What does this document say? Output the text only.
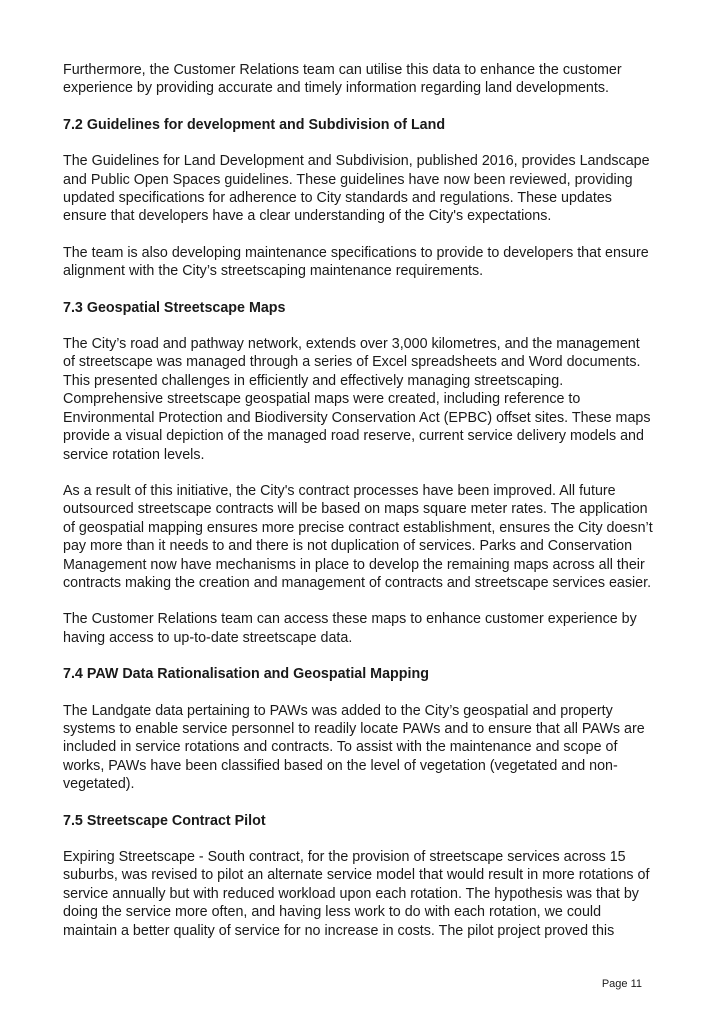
Furthermore, the Customer Relations team can utilise this data to enhance the customer experience by providing accurate and timely information regarding land developments.

7.2 Guidelines for development and Subdivision of Land

The Guidelines for Land Development and Subdivision, published 2016, provides Landscape and Public Open Spaces guidelines. These guidelines have now been reviewed, providing updated specifications for adherence to City standards and regulations. These updates ensure that developers have a clear understanding of the City's expectations.

The team is also developing maintenance specifications to provide to developers that ensure alignment with the City’s streetscaping maintenance requirements.

7.3 Geospatial Streetscape Maps

The City’s road and pathway network, extends over 3,000 kilometres, and the management of streetscape was managed through a series of Excel spreadsheets and Word documents. This presented challenges in efficiently and effectively managing streetscaping. Comprehensive streetscape geospatial maps were created, including reference to Environmental Protection and Biodiversity Conservation Act (EPBC) offset sites. These maps provide a visual depiction of the managed road reserve, current service delivery models and service rotation levels.

As a result of this initiative, the City's contract processes have been improved. All future outsourced streetscape contracts will be based on maps square meter rates. The application of geospatial mapping ensures more precise contract establishment, ensures the City doesn’t pay more than it needs to and there is not duplication of services. Parks and Conservation Management now have mechanisms in place to develop the remaining maps across all their contracts making the creation and management of contracts and streetscape services easier.

The Customer Relations team can access these maps to enhance customer experience by having access to up-to-date streetscape data.

7.4 PAW Data Rationalisation and Geospatial Mapping

The Landgate data pertaining to PAWs was added to the City’s geospatial and property systems to enable service personnel to readily locate PAWs and to ensure that all PAWs are included in service rotations and contracts. To assist with the maintenance and scope of works, PAWs have been classified based on the level of vegetation (vegetated and non-vegetated).

7.5 Streetscape Contract Pilot

Expiring Streetscape - South contract, for the provision of streetscape services across 15 suburbs, was revised to pilot an alternate service model that would result in more rotations of service annually but with reduced workload upon each rotation. The hypothesis was that by doing the service more often, and having less work to do with each rotation, we could maintain a better quality of service for no increase in costs. The pilot project proved this

Page 11
